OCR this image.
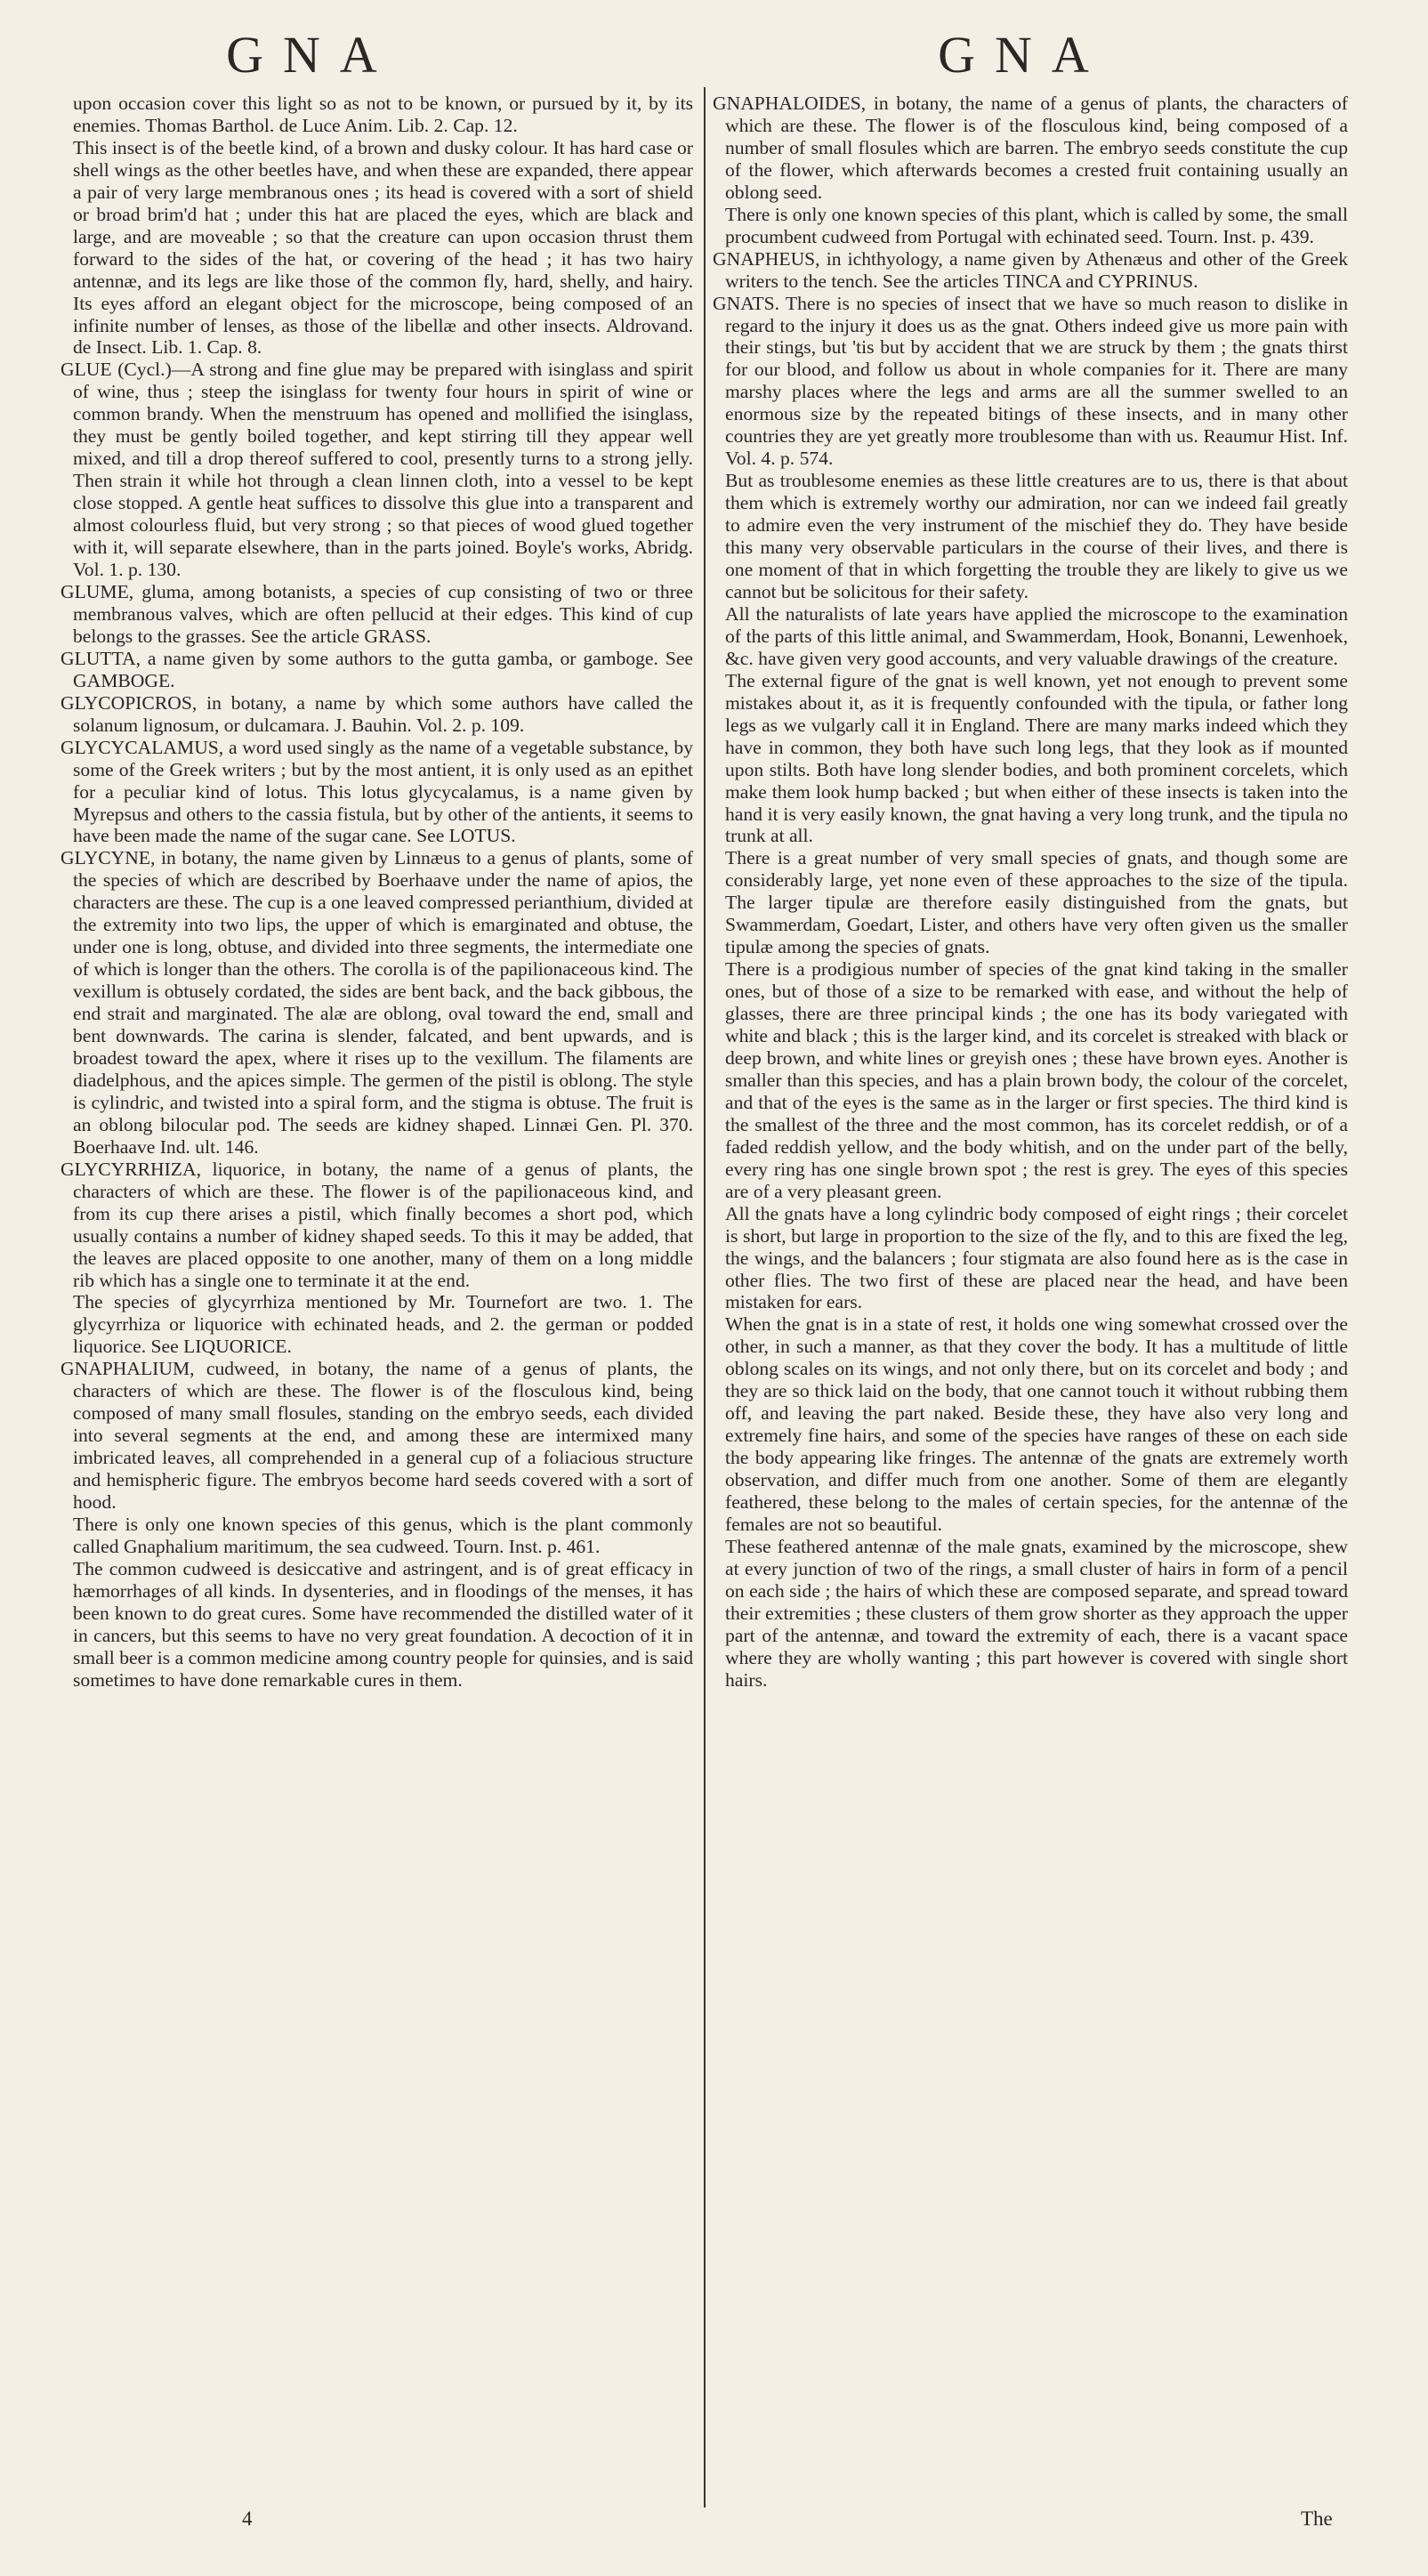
GNA	GNA

upon occasion cover this light so as not to be known, or pursued by it, by its enemies. Thomas Barthol. de Luce Anim. Lib. 2. Cap. 12.

This insect is of the beetle kind, of a brown and dusky colour. It has hard case or shell wings as the other beetles have, and when these are expanded, there appear a pair of very large membranous ones ; its head is covered with a sort of shield or broad brim'd hat ; under this hat are placed the eyes, which are black and large, and are moveable ; so that the creature can upon occasion thrust them forward to the sides of the hat, or covering of the head ; it has two hairy antennæ, and its legs are like those of the common fly, hard, shelly, and hairy. Its eyes afford an elegant object for the microscope, being composed of an infinite number of lenses, as those of the libellæ and other insects. Aldrovand. de Insect. Lib. 1. Cap. 8.

GLUE (Cycl.)—A strong and fine glue may be prepared with isinglass and spirit of wine, thus ; steep the isinglass for twenty four hours in spirit of wine or common brandy. When the menstruum has opened and mollified the isinglass, they must be gently boiled together, and kept stirring till they appear well mixed, and till a drop thereof suffered to cool, presently turns to a strong jelly. Then strain it while hot through a clean linnen cloth, into a vessel to be kept close stopped. A gentle heat suffices to dissolve this glue into a transparent and almost colourless fluid, but very strong ; so that pieces of wood glued together with it, will separate elsewhere, than in the parts joined. Boyle's works, Abridg. Vol. 1. p. 130.

GLUME, gluma, among botanists, a species of cup consisting of two or three membranous valves, which are often pellucid at their edges. This kind of cup belongs to the grasses. See the article GRASS.

GLUTTA, a name given by some authors to the gutta gamba, or gamboge. See GAMBOGE.

GLYCOPICROS, in botany, a name by which some authors have called the solanum lignosum, or dulcamara. J. Bauhin. Vol. 2. p. 109.

GLYCYCALAMUS, a word used singly as the name of a vegetable substance, by some of the Greek writers ; but by the most antient, it is only used as an epithet for a peculiar kind of lotus. This lotus glycycalamus, is a name given by Myrepsus and others to the cassia fistula, but by other of the antients, it seems to have been made the name of the sugar cane. See LOTUS.

GLYCYNE, in botany, the name given by Linnæus to a genus of plants, some of the species of which are described by Boerhaave under the name of apios, the characters are these. The cup is a one leaved compressed perianthium, divided at the extremity into two lips, the upper of which is emarginated and obtuse, the under one is long, obtuse, and divided into three segments, the intermediate one of which is longer than the others. The corolla is of the papilionaceous kind. The vexillum is obtusely cordated, the sides are bent back, and the back gibbous, the end strait and marginated. The alæ are oblong, oval toward the end, small and bent downwards. The carina is slender, falcated, and bent upwards, and is broadest toward the apex, where it rises up to the vexillum. The filaments are diadelphous, and the apices simple. The germen of the pistil is oblong. The style is cylindric, and twisted into a spiral form, and the stigma is obtuse. The fruit is an oblong bilocular pod. The seeds are kidney shaped. Linnæi Gen. Pl. 370. Boerhaave Ind. ult. 146.

GLYCYRRHIZA, liquorice, in botany, the name of a genus of plants, the characters of which are these. The flower is of the papilionaceous kind, and from its cup there arises a pistil, which finally becomes a short pod, which usually contains a number of kidney shaped seeds. To this it may be added, that the leaves are placed opposite to one another, many of them on a long middle rib which has a single one to terminate it at the end.

The species of glycyrrhiza mentioned by Mr. Tournefort are two. 1. The glycyrrhiza or liquorice with echinated heads, and 2. the german or podded liquorice. See LIQUORICE.

GNAPHALIUM, cudweed, in botany, the name of a genus of plants, the characters of which are these. The flower is of the flosculous kind, being composed of many small flosules, standing on the embryo seeds, each divided into several segments at the end, and among these are intermixed many imbricated leaves, all comprehended in a general cup of a foliacious structure and hemispheric figure. The embryos become hard seeds covered with a sort of hood.

There is only one known species of this genus, which is the plant commonly called Gnaphalium maritimum, the sea cudweed. Tourn. Inst. p. 461.

The common cudweed is desiccative and astringent, and is of great efficacy in hæmorrhages of all kinds. In dysenteries, and in floodings of the menses, it has been known to do great cures. Some have recommended the distilled water of it in cancers, but this seems to have no very great foundation. A decoction of it in small beer is a common medicine among country people for quinsies, and is said sometimes to have done remarkable cures in them.

GNAPHALOIDES, in botany, the name of a genus of plants, the characters of which are these. The flower is of the flosculous kind, being composed of a number of small flosules which are barren. The embryo seeds constitute the cup of the flower, which afterwards becomes a crested fruit containing usually an oblong seed.

There is only one known species of this plant, which is called by some, the small procumbent cudweed from Portugal with echinated seed. Tourn. Inst. p. 439.

GNAPHEUS, in ichthyology, a name given by Athenæus and other of the Greek writers to the tench. See the articles TINCA and CYPRINUS.

GNATS. There is no species of insect that we have so much reason to dislike in regard to the injury it does us as the gnat. Others indeed give us more pain with their stings, but 'tis but by accident that we are struck by them ; the gnats thirst for our blood, and follow us about in whole companies for it. There are many marshy places where the legs and arms are all the summer swelled to an enormous size by the repeated bitings of these insects, and in many other countries they are yet greatly more troublesome than with us. Reaumur Hist. Inf. Vol. 4. p. 574.

But as troublesome enemies as these little creatures are to us, there is that about them which is extremely worthy our admiration, nor can we indeed fail greatly to admire even the very instrument of the mischief they do. They have beside this many very observable particulars in the course of their lives, and there is one moment of that in which forgetting the trouble they are likely to give us we cannot but be solicitous for their safety.

All the naturalists of late years have applied the microscope to the examination of the parts of this little animal, and Swammerdam, Hook, Bonanni, Lewenhoek, &c. have given very good accounts, and very valuable drawings of the creature.

The external figure of the gnat is well known, yet not enough to prevent some mistakes about it, as it is frequently confounded with the tipula, or father long legs as we vulgarly call it in England. There are many marks indeed which they have in common, they both have such long legs, that they look as if mounted upon stilts. Both have long slender bodies, and both prominent corcelets, which make them look hump backed ; but when either of these insects is taken into the hand it is very easily known, the gnat having a very long trunk, and the tipula no trunk at all.

There is a great number of very small species of gnats, and though some are considerably large, yet none even of these approaches to the size of the tipula. The larger tipulæ are therefore easily distinguished from the gnats, but Swammerdam, Goedart, Lister, and others have very often given us the smaller tipulæ among the species of gnats.

There is a prodigious number of species of the gnat kind taking in the smaller ones, but of those of a size to be remarked with ease, and without the help of glasses, there are three principal kinds ; the one has its body variegated with white and black ; this is the larger kind, and its corcelet is streaked with black or deep brown, and white lines or greyish ones ; these have brown eyes. Another is smaller than this species, and has a plain brown body, the colour of the corcelet, and that of the eyes is the same as in the larger or first species. The third kind is the smallest of the three and the most common, has its corcelet reddish, or of a faded reddish yellow, and the body whitish, and on the under part of the belly, every ring has one single brown spot ; the rest is grey. The eyes of this species are of a very pleasant green.

All the gnats have a long cylindric body composed of eight rings ; their corcelet is short, but large in proportion to the size of the fly, and to this are fixed the leg, the wings, and the balancers ; four stigmata are also found here as is the case in other flies. The two first of these are placed near the head, and have been mistaken for ears.

When the gnat is in a state of rest, it holds one wing somewhat crossed over the other, in such a manner, as that they cover the body. It has a multitude of little oblong scales on its wings, and not only there, but on its corcelet and body ; and they are so thick laid on the body, that one cannot touch it without rubbing them off, and leaving the part naked. Beside these, they have also very long and extremely fine hairs, and some of the species have ranges of these on each side the body appearing like fringes. The antennæ of the gnats are extremely worth observation, and differ much from one another. Some of them are elegantly feathered, these belong to the males of certain species, for the antennæ of the females are not so beautiful.

These feathered antennæ of the male gnats, examined by the microscope, shew at every junction of two of the rings, a small cluster of hairs in form of a pencil on each side ; the hairs of which these are composed separate, and spread toward their extremities ; these clusters of them grow shorter as they approach the upper part of the antennæ, and toward the extremity of each, there is a vacant space where they are wholly wanting ; this part however is covered with single short hairs.

4	The
